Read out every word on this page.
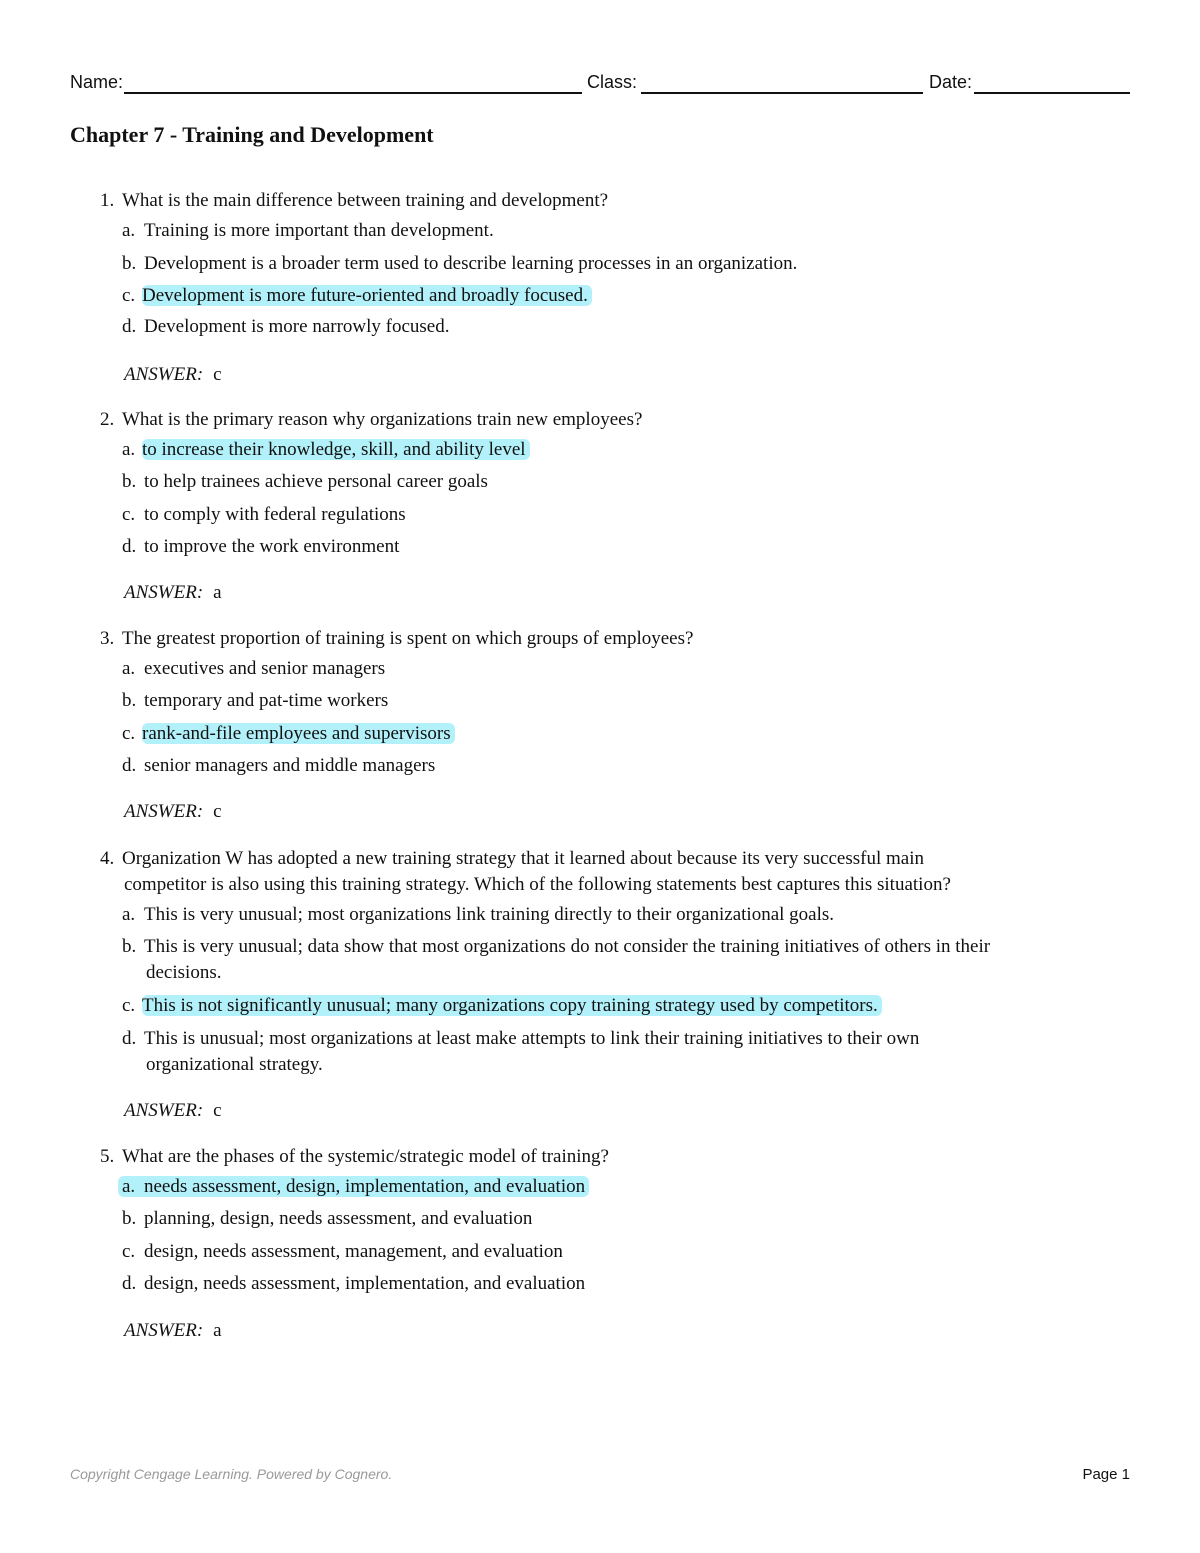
Name:	Class:	Date:
Chapter 7 - Training and Development
1. What is the main difference between training and development?
a. Training is more important than development.
b. Development is a broader term used to describe learning processes in an organization.
c. Development is more future-oriented and broadly focused.
d. Development is more narrowly focused.
ANSWER: c
2. What is the primary reason why organizations train new employees?
a. to increase their knowledge, skill, and ability level
b. to help trainees achieve personal career goals
c. to comply with federal regulations
d. to improve the work environment
ANSWER: a
3. The greatest proportion of training is spent on which groups of employees?
a. executives and senior managers
b. temporary and pat-time workers
c. rank-and-file employees and supervisors
d. senior managers and middle managers
ANSWER: c
4. Organization W has adopted a new training strategy that it learned about because its very successful main
competitor is also using this training strategy. Which of the following statements best captures this situation?
a. This is very unusual; most organizations link training directly to their organizational goals.
b. This is very unusual; data show that most organizations do not consider the training initiatives of others in their
decisions.
c. This is not significantly unusual; many organizations copy training strategy used by competitors.
d. This is unusual; most organizations at least make attempts to link their training initiatives to their own
organizational strategy.
ANSWER: c
5. What are the phases of the systemic/strategic model of training?
a. needs assessment, design, implementation, and evaluation
b. planning, design, needs assessment, and evaluation
c. design, needs assessment, management, and evaluation
d. design, needs assessment, implementation, and evaluation
ANSWER: a
Copyright Cengage Learning. Powered by Cognero.	Page 1
